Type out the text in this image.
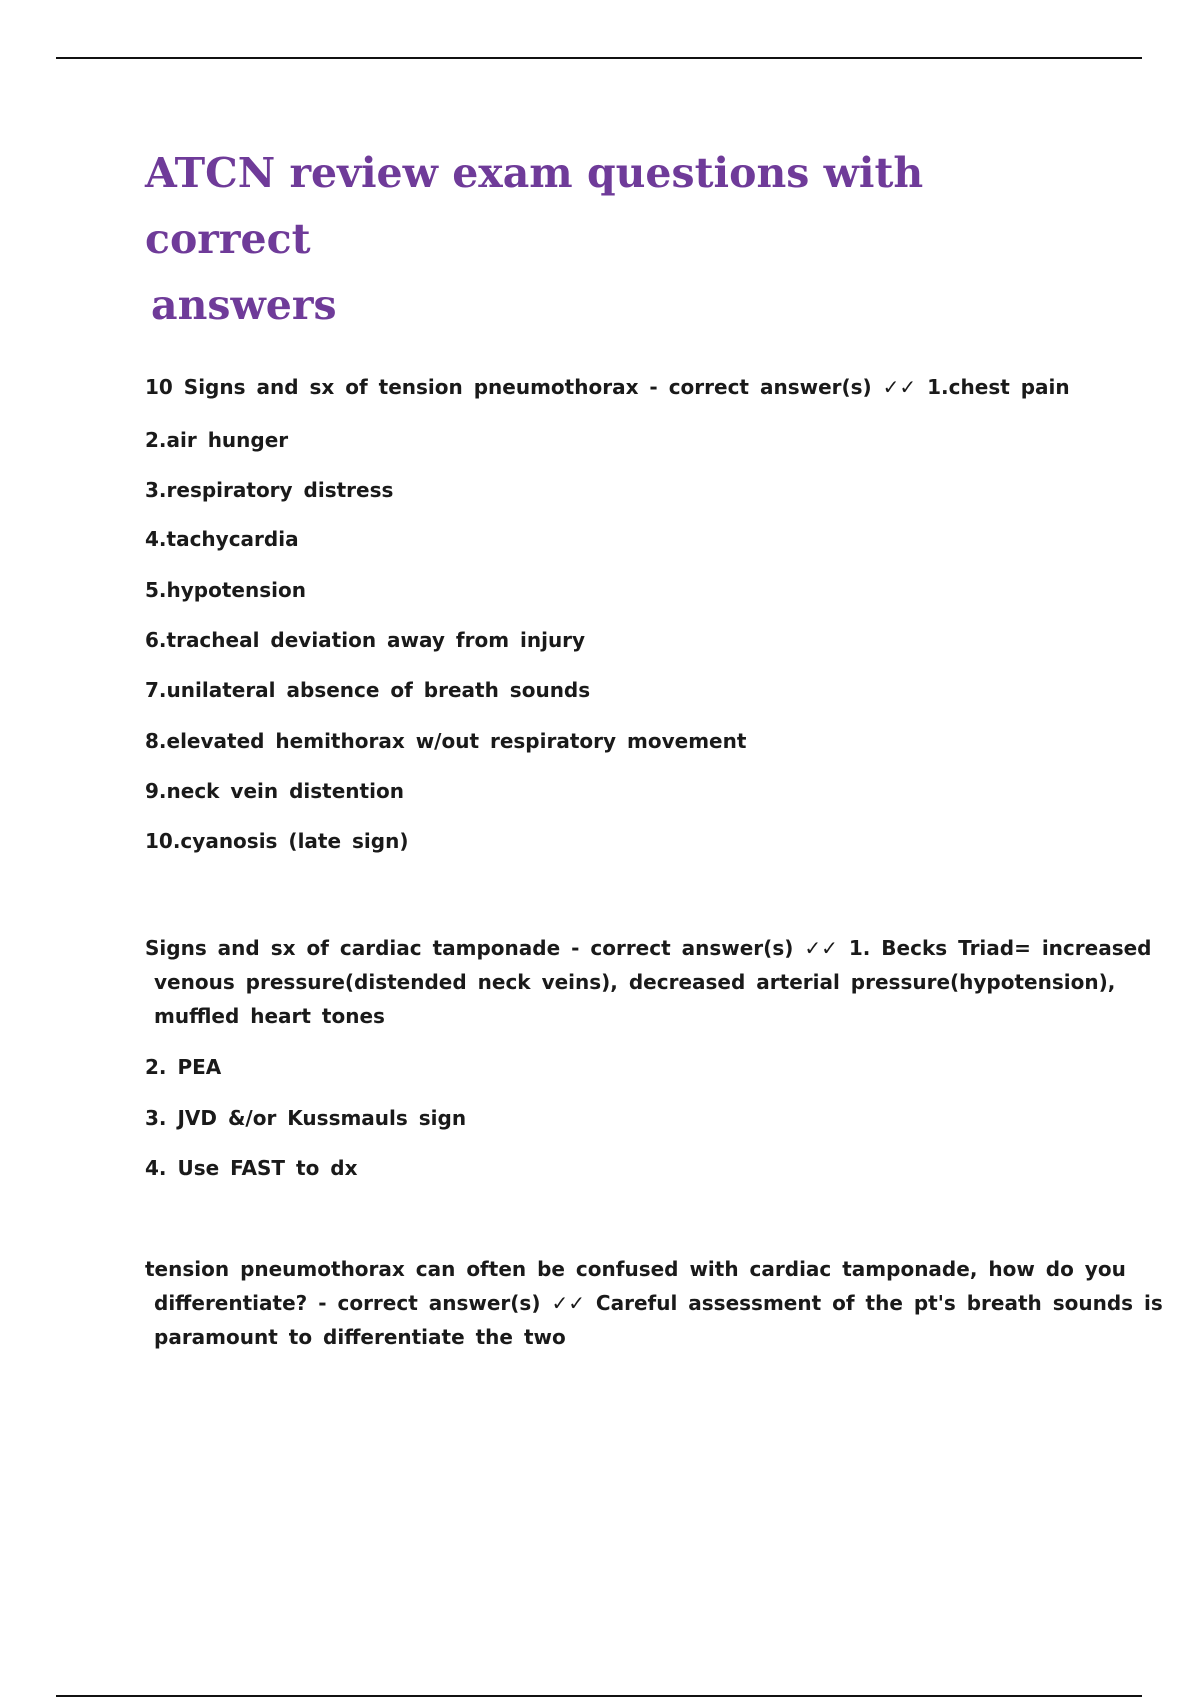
ATCN review exam questions with correct
answers

10 Signs and sx of tension pneumothorax - correct answer(s) ✓✓ 1.chest pain

2.air hunger

3.respiratory distress

4.tachycardia

5.hypotension

6.tracheal deviation away from injury

7.unilateral absence of breath sounds

8.elevated hemithorax w/out respiratory movement

9.neck vein distention

10.cyanosis (late sign)

Signs and sx of cardiac tamponade - correct answer(s) ✓✓ 1. Becks Triad= increased
venous pressure(distended neck veins), decreased arterial pressure(hypotension),
muffled heart tones

2. PEA

3. JVD &/or Kussmauls sign

4. Use FAST to dx

tension pneumothorax can often be confused with cardiac tamponade, how do you
differentiate? - correct answer(s) ✓✓ Careful assessment of the pt's breath sounds is
paramount to differentiate the two
